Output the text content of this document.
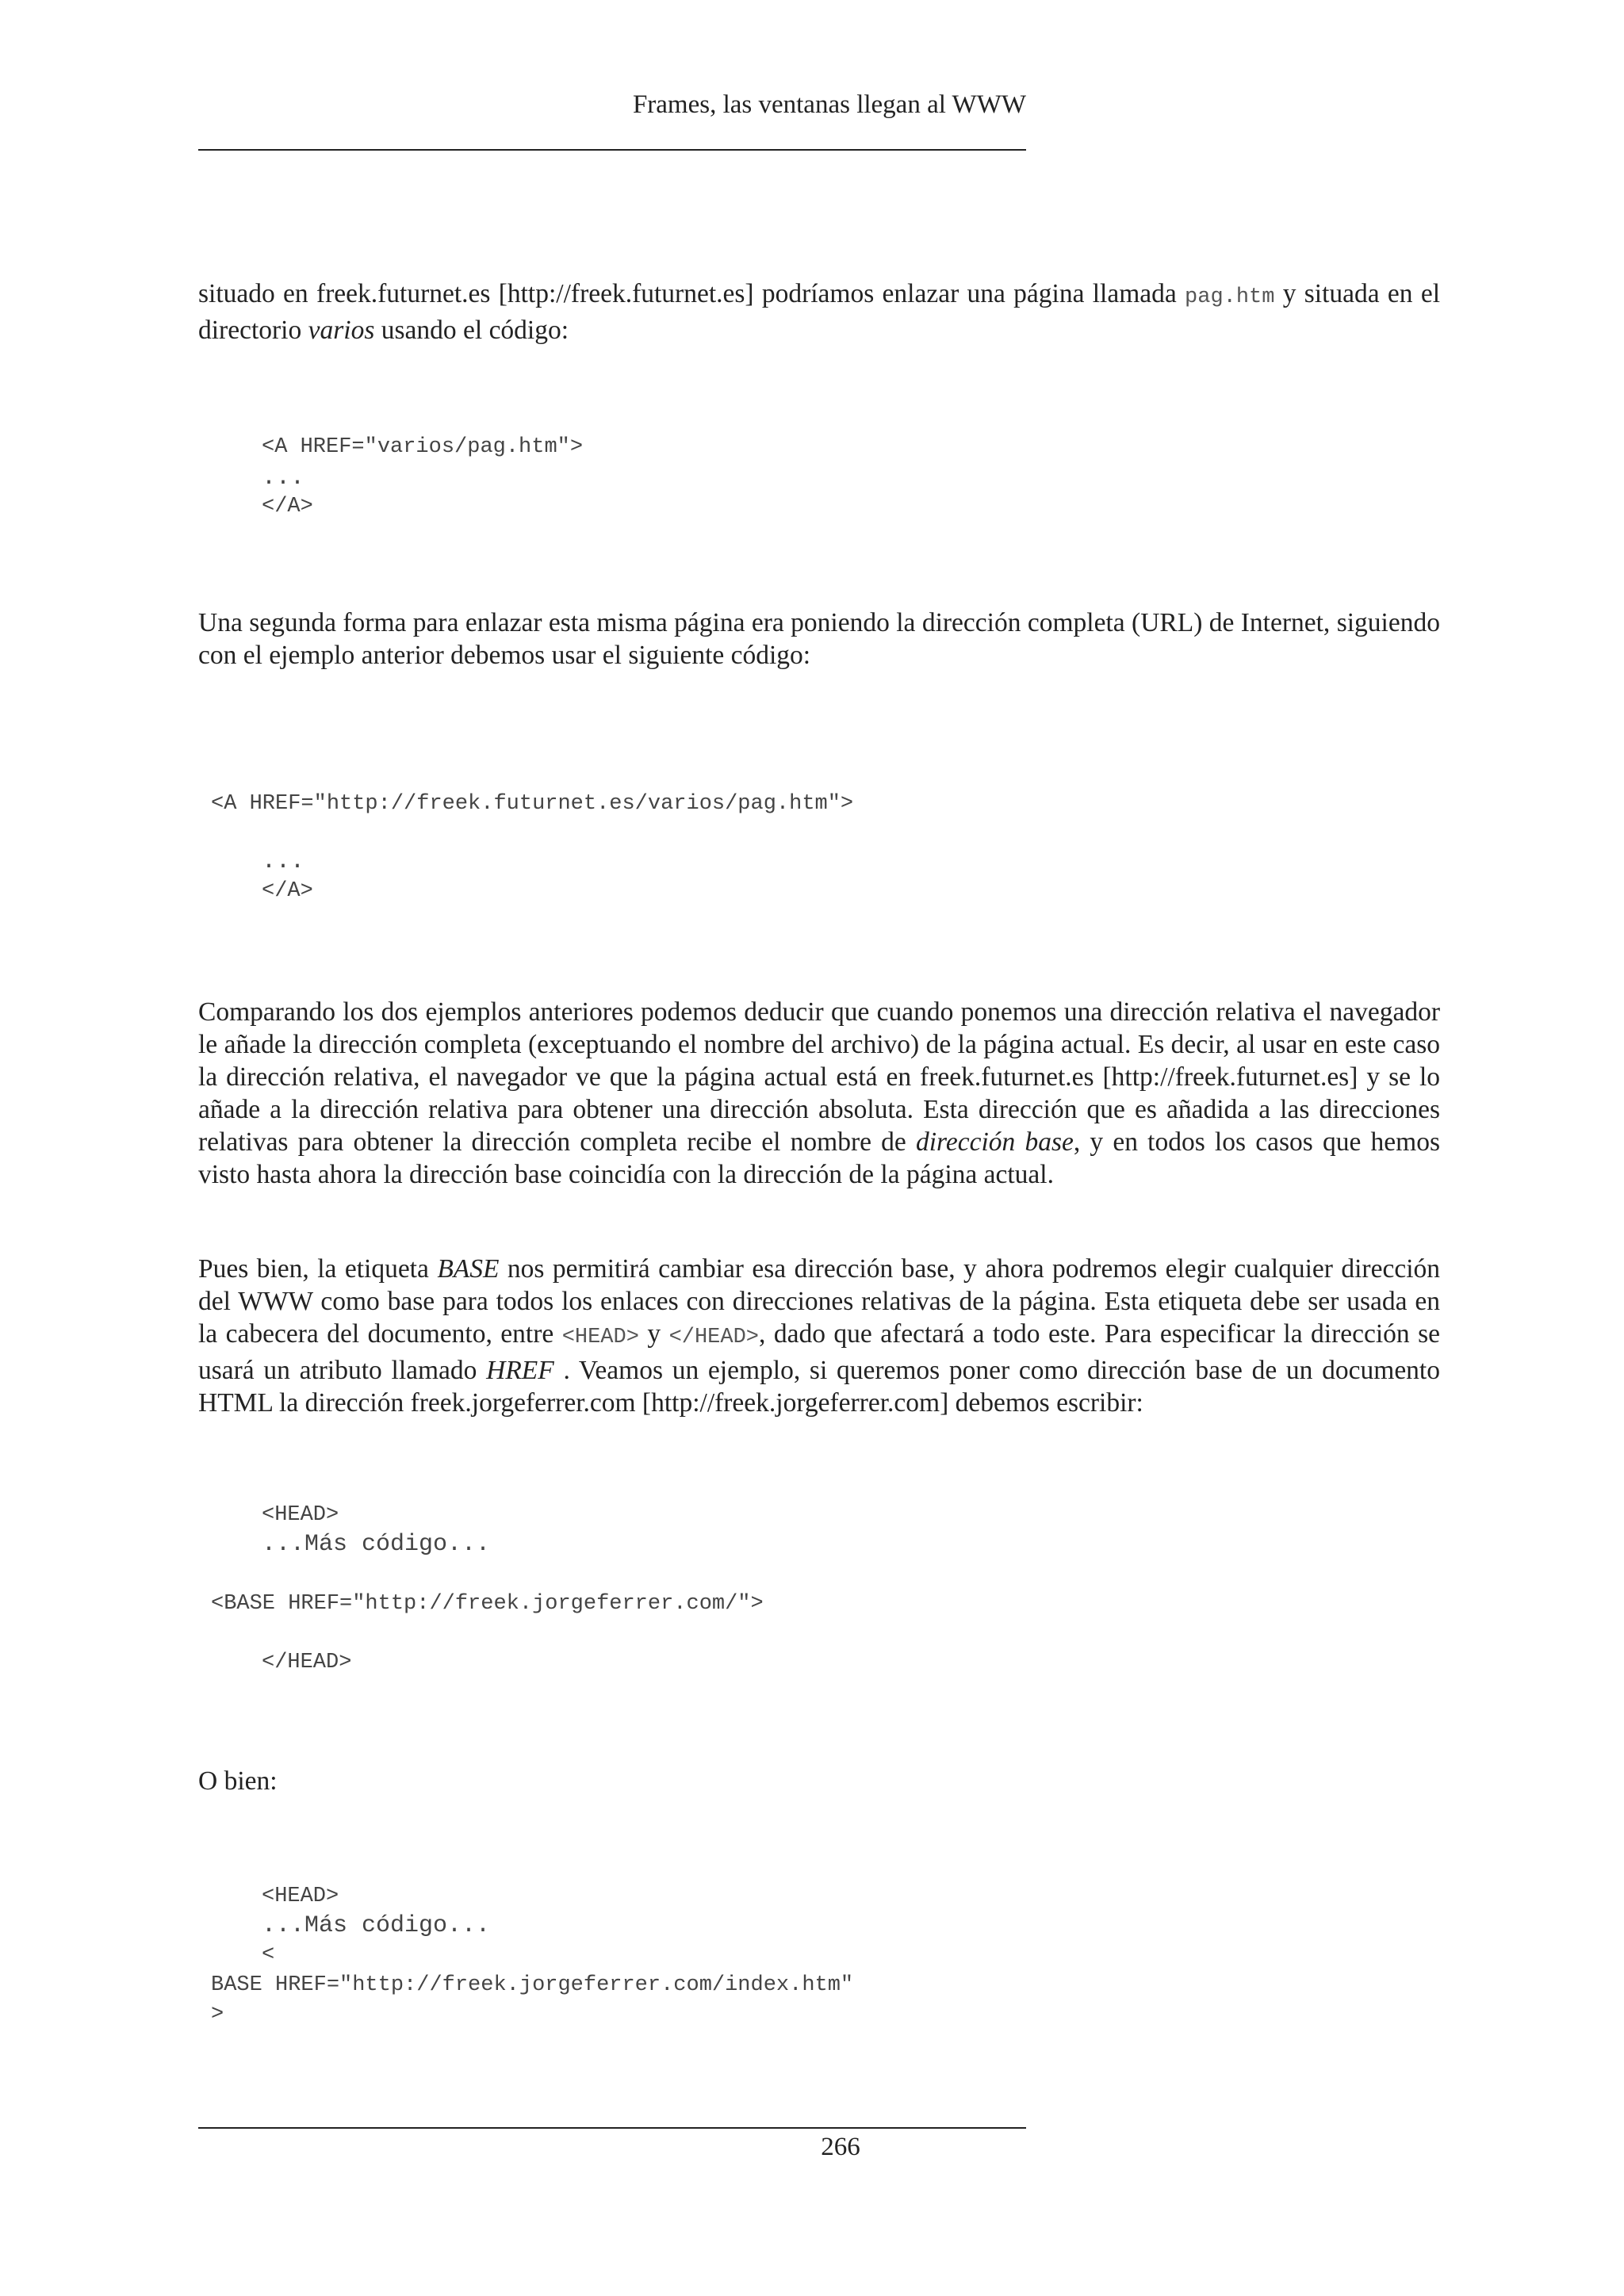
Frames, las ventanas llegan al WWW
situado en freek.futurnet.es [http://freek.futurnet.es] podríamos enlazar una página llamada pag.htm y situada en el directorio varios usando el código:
<A HREF="varios/pag.htm">
...
</A>
Una segunda forma para enlazar esta misma página era poniendo la dirección completa (URL) de Internet, siguiendo con el ejemplo anterior debemos usar el siguiente código:
<A HREF="http://freek.futurnet.es/varios/pag.htm">
...
</A>
Comparando los dos ejemplos anteriores podemos deducir que cuando ponemos una dirección relativa el navegador le añade la dirección completa (exceptuando el nombre del archivo) de la página actual. Es decir, al usar en este caso la dirección relativa, el navegador ve que la página actual está en freek.futurnet.es [http://freek.futurnet.es] y se lo añade a la dirección relativa para obtener una dirección absoluta. Esta dirección que es añadida a las direcciones relativas para obtener la dirección completa recibe el nombre de dirección base, y en todos los casos que hemos visto hasta ahora la dirección base coincidía con la dirección de la página actual.
Pues bien, la etiqueta BASE nos permitirá cambiar esa dirección base, y ahora podremos elegir cualquier dirección del WWW como base para todos los enlaces con direcciones relativas de la página. Esta etiqueta debe ser usada en la cabecera del documento, entre <HEAD> y </HEAD>, dado que afectará a todo este. Para especificar la dirección se usará un atributo llamado HREF . Veamos un ejemplo, si queremos poner como dirección base de un documento HTML la dirección freek.jorgeferrer.com [http://freek.jorgeferrer.com] debemos escribir:
<HEAD>
...Más código...
<BASE HREF="http://freek.jorgeferrer.com/">
</HEAD>
O bien:
<HEAD>
...Más código...
<
BASE HREF="http://freek.jorgeferrer.com/index.htm"
>
266
